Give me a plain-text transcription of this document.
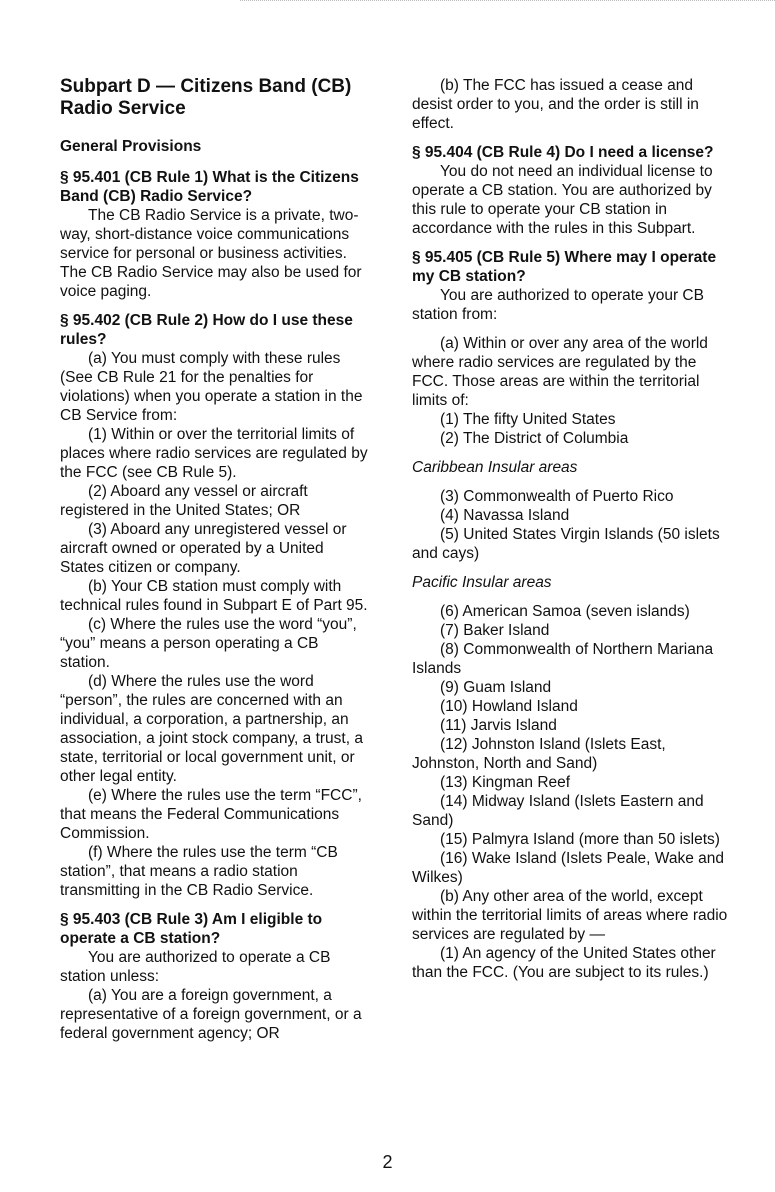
Subpart D — Citizens Band (CB) Radio Service
General Provisions
§ 95.401 (CB Rule 1) What is the Citizens Band (CB) Radio Service?

The CB Radio Service is a private, two-way, short-distance voice communications service for personal or business activities. The CB Radio Service may also be used for voice paging.

§ 95.402 (CB Rule 2) How do I use these rules?

(a) You must comply with these rules (See CB Rule 21 for the penalties for violations) when you operate a station in the CB Service from:

(1) Within or over the territorial limits of places where radio services are regulated by the FCC (see CB Rule 5).

(2) Aboard any vessel or aircraft registered in the United States; OR

(3) Aboard any unregistered vessel or aircraft owned or operated by a United States citizen or company.

(b) Your CB station must comply with technical rules found in Subpart E of Part 95.

(c) Where the rules use the word “you”, “you” means a person operating a CB station.

(d) Where the rules use the word “person”, the rules are concerned with an individual, a corporation, a partnership, an association, a joint stock company, a trust, a state, territorial or local government unit, or other legal entity.

(e) Where the rules use the term “FCC”, that means the Federal Communications Commission.

(f) Where the rules use the term “CB station”, that means a radio station transmitting in the CB Radio Service.

§ 95.403 (CB Rule 3) Am I eligible to operate a CB station?

You are authorized to operate a CB station unless:

(a) You are a foreign government, a representative of a foreign government, or a federal government agency; OR

(b) The FCC has issued a cease and desist order to you, and the order is still in effect.

§ 95.404 (CB Rule 4) Do I need a license?

You do not need an individual license to operate a CB station. You are authorized by this rule to operate your CB station in accordance with the rules in this Subpart.

§ 95.405 (CB Rule 5) Where may I operate my CB station?

You are authorized to operate your CB station from:

(a) Within or over any area of the world where radio services are regulated by the FCC. Those areas are within the territorial limits of:

(1) The fifty United States

(2) The District of Columbia

Caribbean Insular areas

(3) Commonwealth of Puerto Rico

(4) Navassa Island

(5) United States Virgin Islands (50 islets and cays)

Pacific Insular areas

(6) American Samoa (seven islands)

(7) Baker Island

(8) Commonwealth of Northern Mariana Islands

(9) Guam Island

(10) Howland Island

(11) Jarvis Island

(12) Johnston Island (Islets East, Johnston, North and Sand)

(13) Kingman Reef

(14) Midway Island (Islets Eastern and Sand)

(15) Palmyra Island (more than 50 islets)

(16) Wake Island (Islets Peale, Wake and Wilkes)

(b) Any other area of the world, except within the territorial limits of areas where radio services are regulated by —

(1) An agency of the United States other than the FCC. (You are subject to its rules.)

2
